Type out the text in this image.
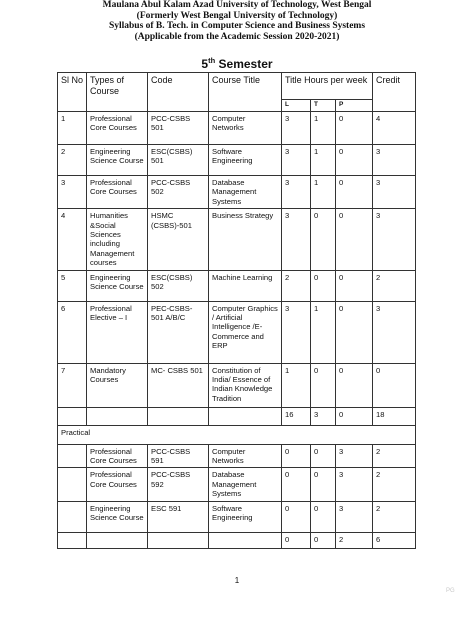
Maulana Abul Kalam Azad University of Technology, West Bengal
(Formerly West Bengal University of Technology)
Syllabus of B. Tech. in Computer Science and Business Systems
(Applicable from the Academic Session 2020-2021)
5th Semester
Sl No	Types of Course	Code	Course Title	Title Hours per week			Credit
				L	T	P	
1	Professional Core Courses	PCC-CSBS 501	Computer Networks	3	1	0	4
2	Engineering Science Course	ESC(CSBS) 501	Software Engineering	3	1	0	3
3	Professional Core Courses	PCC-CSBS 502	Database Management Systems	3	1	0	3
4	Humanities &Social Sciences including Management courses	HSMC (CSBS)-501	Business Strategy	3	0	0	3
5	Engineering Science Course	ESC(CSBS) 502	Machine Learning	2	0	0	2
6	Professional Elective – I	PEC-CSBS- 501 A/B/C	Computer Graphics / Artificial Intelligence /E-Commerce and ERP	3	1	0	3
7	Mandatory Courses	MC- CSBS 501	Constitution of India/ Essence of Indian Knowledge Tradition	1	0	0	0
				16	3	0	18
Practical							
	Professional Core Courses	PCC-CSBS 591	Computer Networks	0	0	3	2
	Professional Core Courses	PCC-CSBS 592	Database Management Systems	0	0	3	2
	Engineering Science Course	ESC 591	Software Engineering	0	0	3	2
				0	0	2	6
1
PG
